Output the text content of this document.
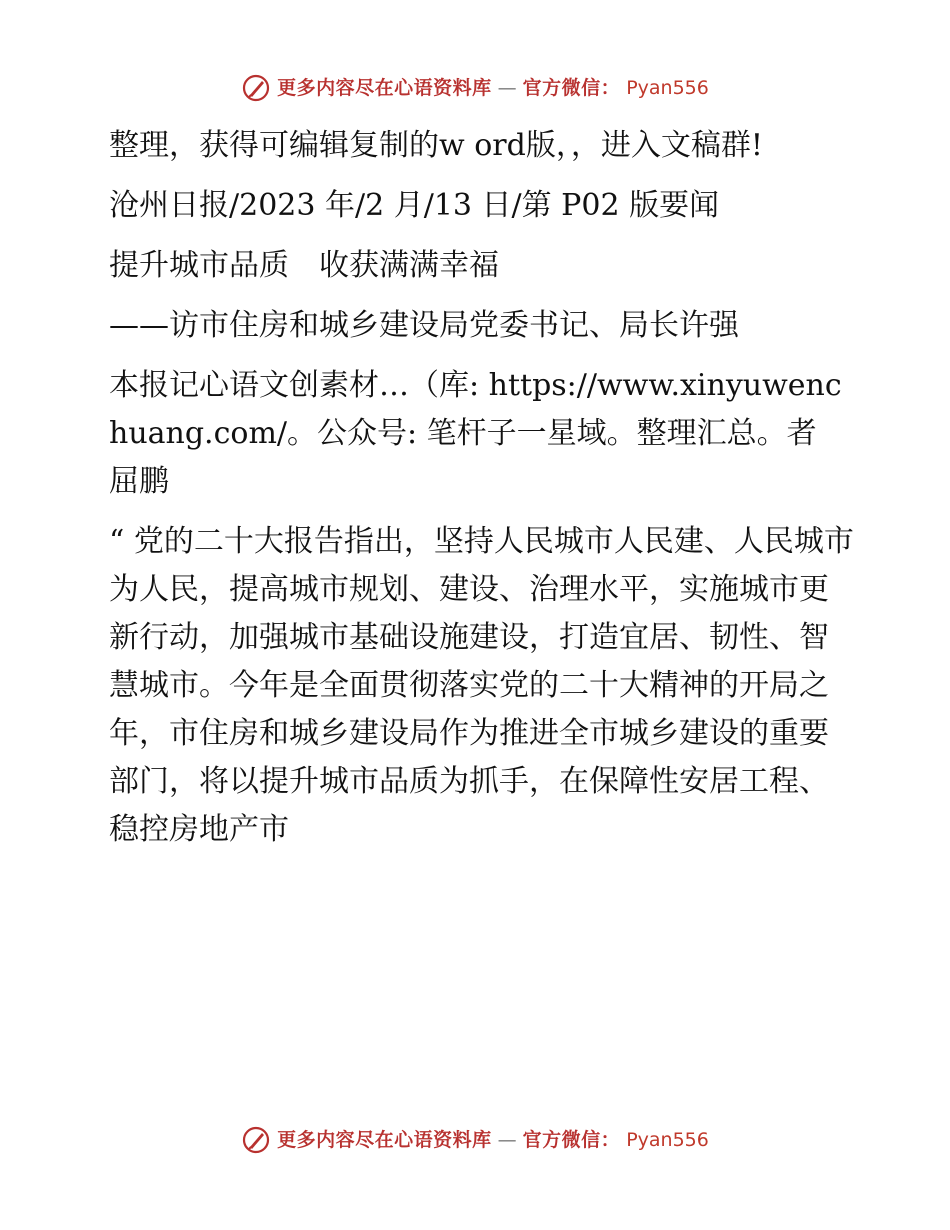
更多内容尽在心语资料库 — 官方微信： Pyan556

整理，获得可编辑复制的w ord版，，进入文稿群!

沧州日报/2023 年/2 月/13 日/第 P02 版要闻

提升城市品质　收获满满幸福

——访市住房和城乡建设局党委书记、局长许强

本报记心语文创素材…（库: https://www.xinyuwenchuang.com/。公众号: 笔杆子一星域。整理汇总。者　屈鹏

“ 党的二十大报告指出，坚持人民城市人民建、人民城市为人民，提高城市规划、建设、治理水平，实施城市更新行动，加强城市基础设施建设，打造宜居、韧性、智慧城市。今年是全面贯彻落实党的二十大精神的开局之年，市住房和城乡建设局作为推进全市城乡建设的重要部门，将以提升城市品质为抓手，在保障性安居工程、稳控房地产市

更多内容尽在心语资料库 — 官方微信： Pyan556
